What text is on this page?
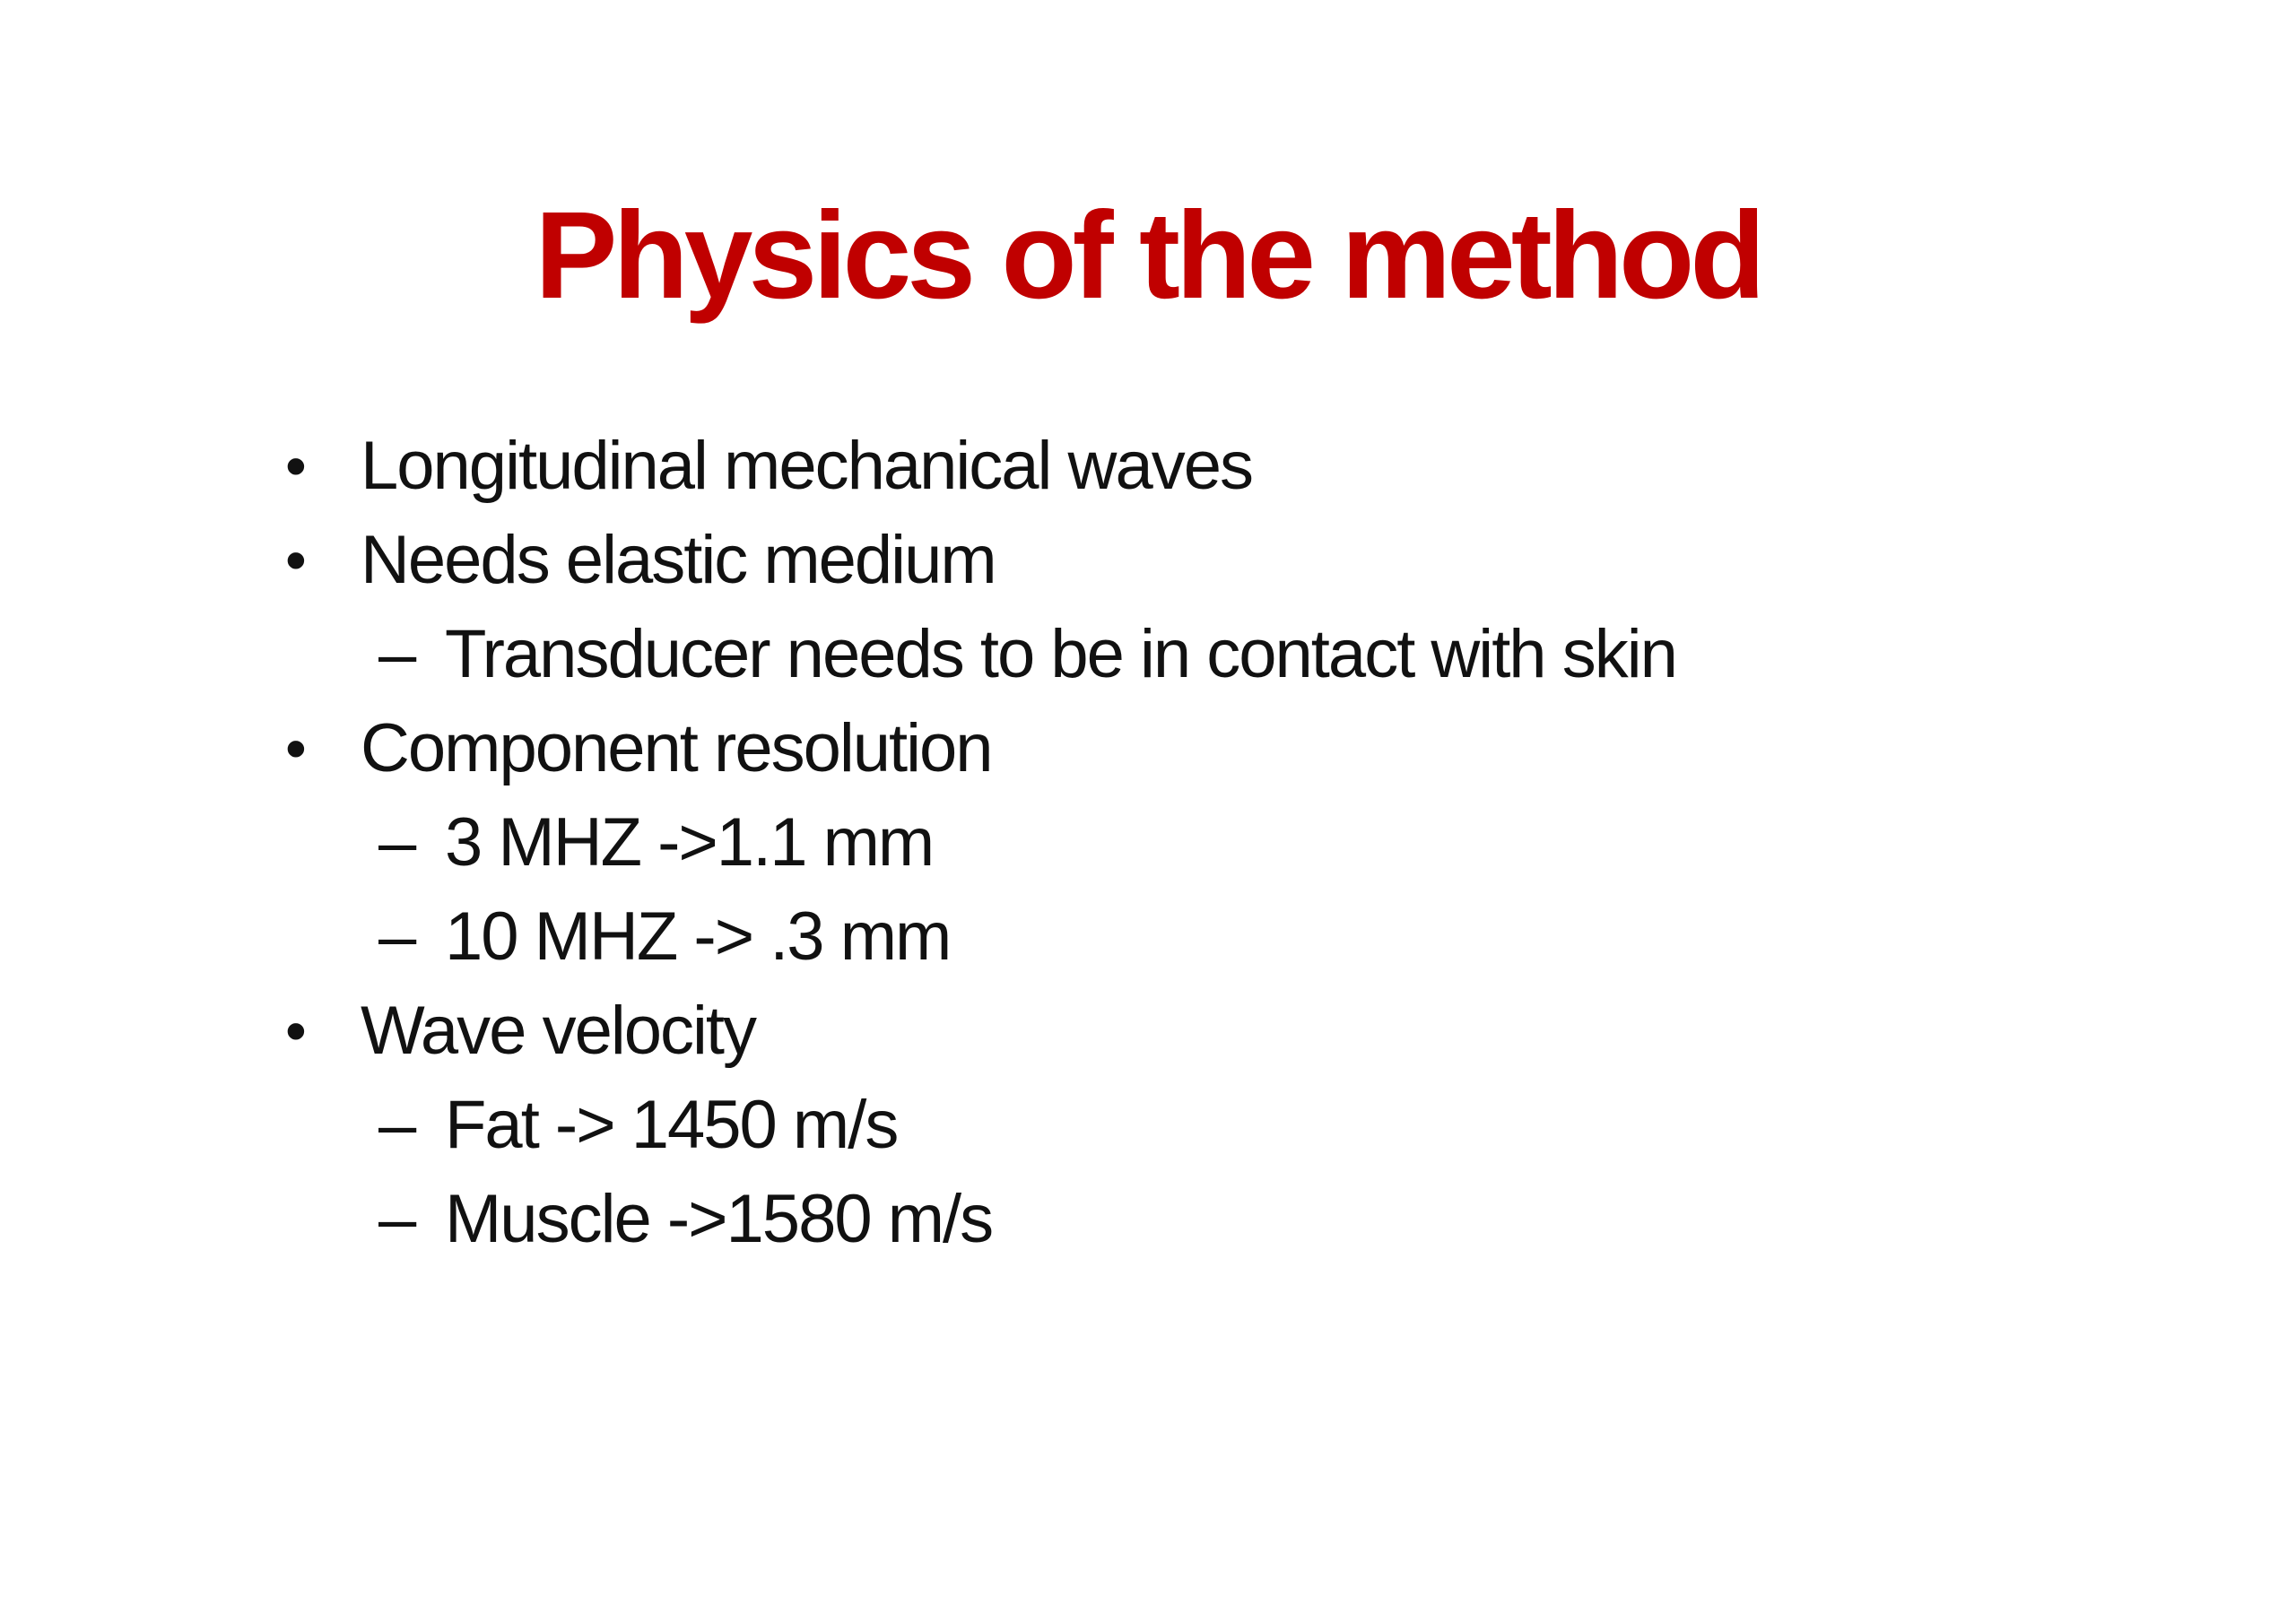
Physics of the method
• Longitudinal mechanical waves
• Needs elastic medium
– Transducer needs to be in contact with skin
• Component resolution
– 3 MHZ ->1.1 mm
– 10 MHZ -> .3 mm
• Wave velocity
– Fat -> 1450 m/s
– Muscle ->1580 m/s
